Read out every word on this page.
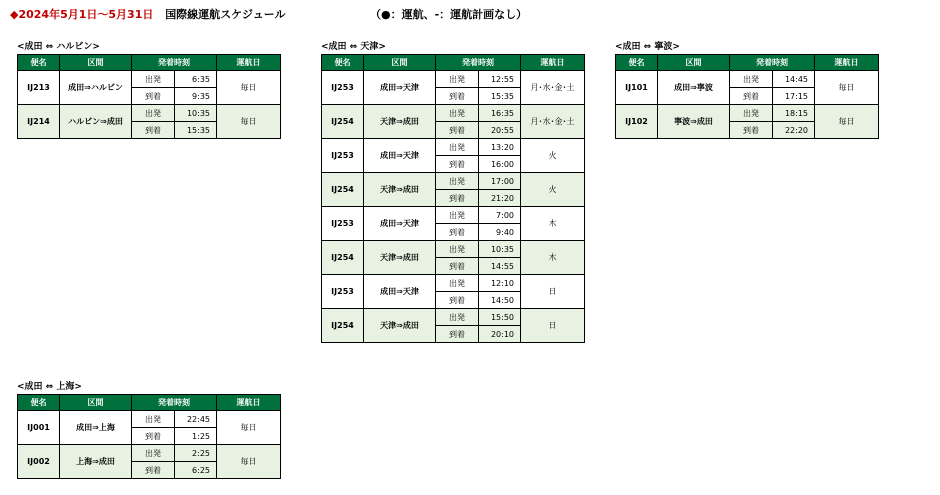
◆2024年5月1日～5月31日 国際線運航スケジュール	（●：運航、-：運航計画なし）
<成田 ⇔ ハルビン>
便名	区間	発着時刻		運航日
IJ213	成田⇒ハルビン	出発	6:35	毎日
		到着	9:35	
IJ214	ハルビン⇒成田	出発	10:35	毎日
		到着	15:35	
<成田 ⇔ 天津>
便名	区間	発着時刻		運航日
IJ253	成田⇒天津	出発	12:55	月･水･金･土
		到着	15:35	
IJ254	天津⇒成田	出発	16:35	月･水･金･土
		到着	20:55	
IJ253	成田⇒天津	出発	13:20	火
		到着	16:00	
IJ254	天津⇒成田	出発	17:00	火
		到着	21:20	
IJ253	成田⇒天津	出発	7:00	木
		到着	9:40	
IJ254	天津⇒成田	出発	10:35	木
		到着	14:55	
IJ253	成田⇒天津	出発	12:10	日
		到着	14:50	
IJ254	天津⇒成田	出発	15:50	日
		到着	20:10	
<成田 ⇔ 寧波>
便名	区間	発着時刻		運航日
IJ101	成田⇒寧波	出発	14:45	毎日
		到着	17:15	
IJ102	寧波⇒成田	出発	18:15	毎日
		到着	22:20	
<成田 ⇔ 上海>
便名	区間	発着時刻		運航日
IJ001	成田⇒上海	出発	22:45	毎日
		到着	1:25	
IJ002	上海⇒成田	出発	2:25	毎日
		到着	6:25	
